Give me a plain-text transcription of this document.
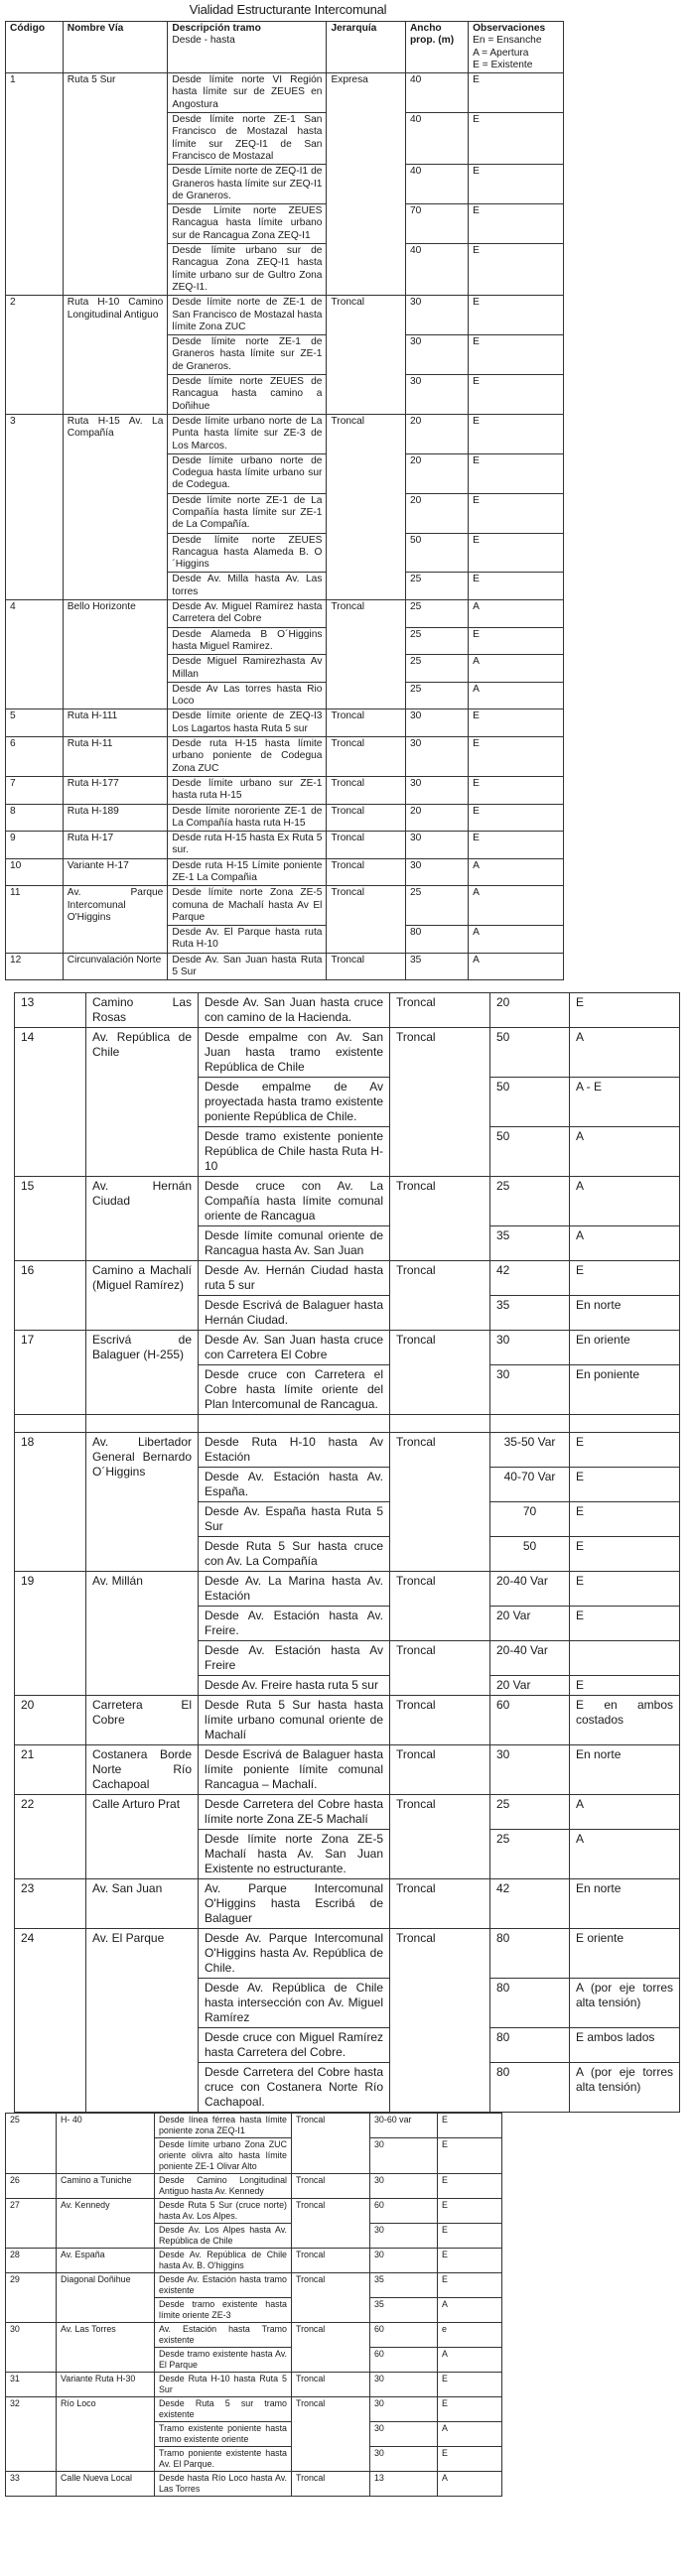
Vialidad Estructurante Intercomunal
Código	Nombre Vía	Descripción tramo
Desde - hasta	Jerarquía	Ancho prop. (m)	Observaciones
En = Ensanche
A = Apertura
E = Existente

1	Ruta 5 Sur	Desde límite norte VI Región hasta límite sur de ZEUES en Angostura	Expresa	40	E
		Desde límite norte ZE-1 San Francisco de Mostazal hasta límite sur ZEQ-I1 de San Francisco de Mostazal		40	E
		Desde Límite norte de ZEQ-I1 de Graneros hasta límite sur ZEQ-I1 de Graneros.		40	E
		Desde Límite norte ZEUES Rancagua hasta límite urbano sur de Rancagua Zona ZEQ-I1		70	E
		Desde límite urbano sur de Rancagua Zona ZEQ-I1 hasta límite urbano sur de Gultro Zona ZEQ-I1.		40	E
2	Ruta H-10 Camino Longitudinal Antiguo	Desde límite norte de ZE-1 de San Francisco de Mostazal hasta límite Zona ZUC	Troncal	30	E
		Desde límite norte ZE-1 de Graneros hasta límite sur ZE-1 de Graneros.		30	E
		Desde límite norte ZEUES de Rancagua hasta camino a Doñihue		30	E
3	Ruta H-15 Av. La Compañía	Desde límite urbano norte de La Punta hasta límite sur ZE-3 de Los Marcos.	Troncal	20	E
		Desde límite urbano norte de Codegua hasta límite urbano sur de Codegua.		20	E
		Desde límite norte ZE-1 de La Compañía hasta límite sur ZE-1 de La Compañía.		20	E
		Desde límite norte ZEUES Rancagua hasta Alameda B. O´Higgins		50	E
		Desde Av. Milla hasta Av. Las torres		25	E
4	Bello Horizonte	Desde Av. Miguel Ramírez hasta Carretera del Cobre	Troncal	25	A
		Desde Alameda B O´Higgins hasta Miguel Ramirez.		25	E
		Desde Miguel Ramirezhasta Av Millan		25	A
		Desde Av Las torres hasta Rio Loco		25	A
5	Ruta H-111	Desde límite oriente de ZEQ-I3 Los Lagartos hasta Ruta 5 sur	Troncal	30	E
6	Ruta H-11	Desde ruta H-15 hasta límite urbano poniente de Codegua Zona ZUC	Troncal	30	E
7	Ruta H-177	Desde límite urbano sur ZE-1 hasta ruta H-15	Troncal	30	E
8	Ruta H-189	Desde límite nororiente ZE-1 de La Compañía hasta ruta H-15	Troncal	20	E
9	Ruta H-17	Desde ruta H-15 hasta Ex Ruta 5 sur.	Troncal	30	E
10	Variante H-17	Desde ruta H-15 Límite poniente ZE-1 La Compañia	Troncal	30	A
11	Av. Parque Intercomunal O'Higgins	Desde límite norte Zona ZE-5 comuna de Machalí hasta Av El Parque	Troncal	25	A
		Desde Av. El Parque hasta ruta Ruta H-10		80	A
12	Circunvalación Norte	Desde Av. San Juan hasta Ruta 5 Sur	Troncal	35	A
13	Camino Las Rosas	Desde Av. San Juan hasta cruce con camino de la Hacienda.	Troncal	20	E
14	Av. República de Chile	Desde empalme con Av. San Juan hasta tramo existente República de Chile	Troncal	50	A
		Desde empalme de Av proyectada hasta tramo existente poniente República de Chile.		50	A - E
		Desde tramo existente poniente República de Chile hasta Ruta H-10		50	A
15	Av. Hernán Ciudad	Desde cruce con Av. La Compañía hasta límite comunal oriente de Rancagua	Troncal	25	A
		Desde límite comunal oriente de Rancagua hasta Av. San Juan		35	A
16	Camino a Machalí (Miguel Ramírez)	Desde Av. Hernán Ciudad hasta ruta 5 sur	Troncal	42	E
		Desde Escrivá de Balaguer hasta Hernán Ciudad.		35	En norte
17	Escrivá de Balaguer (H-255)	Desde Av. San Juan hasta cruce con Carretera El Cobre	Troncal	30	En oriente
		Desde cruce con Carretera el Cobre hasta límite oriente del Plan Intercomunal de Rancagua.		30	En poniente

18	Av. Libertador General Bernardo O´Higgins	Desde Ruta H-10 hasta Av Estación	Troncal	35-50 Var	E
		Desde Av. Estación hasta Av. España.		40-70 Var	E
		Desde Av. España hasta Ruta 5 Sur		70	E
		Desde Ruta 5 Sur hasta cruce con Av. La Compañía		50	E
19	Av. Millán	Desde Av. La Marina hasta Av. Estación	Troncal	20-40 Var	E
		Desde Av. Estación hasta Av. Freire.		20 Var	E
		Desde Av. Estación hasta Av Freire	Troncal	20-40 Var	
		Desde Av. Freire hasta ruta 5 sur		20 Var	E
20	Carretera El Cobre	Desde Ruta 5 Sur hasta hasta límite urbano comunal oriente de Machalí	Troncal	60	E en ambos costados
21	Costanera Borde Norte Río Cachapoal	Desde Escrivá de Balaguer hasta límite poniente límite comunal Rancagua – Machalí.	Troncal	30	En norte
22	Calle Arturo Prat	Desde Carretera del Cobre hasta límite norte Zona ZE-5 Machalí	Troncal	25	A
		Desde límite norte Zona ZE-5 Machalí hasta Av. San Juan Existente no estructurante.		25	A
23	Av. San Juan	Av. Parque Intercomunal O'Higgins hasta Escribá de Balaguer	Troncal	42	En norte
24	Av. El Parque	Desde Av. Parque Intercomunal O'Higgins hasta Av. República de Chile.	Troncal	80	E oriente
		Desde Av. República de Chile hasta intersección con Av. Miguel Ramírez		80	A (por eje torres alta tensión)
		Desde cruce con Miguel Ramírez hasta Carretera del Cobre.		80	E ambos lados
		Desde Carretera del Cobre hasta cruce con Costanera Norte Río Cachapoal.		80	A (por eje torres alta tensión)
25	H- 40	Desde línea férrea hasta límite poniente zona ZEQ-I1	Troncal	30-60 var	E
		Desde límite urbano Zona ZUC oriente olivra alto hasta límite poniente ZE-1 Olivar Alto		30	E
26	Camino a Tuniche	Desde Camino Longitudinal Antiguo hasta Av. Kennedy	Troncal	30	E
27	Av. Kennedy	Desde Ruta 5 Sur (cruce norte) hasta Av. Los Alpes.	Troncal	60	E
		Desde Av. Los Alpes hasta Av. República de Chile		30	E
28	Av. España	Desde Av. República de Chile hasta Av. B. O'higgins	Troncal	30	E
29	Diagonal Doñihue	Desde Av. Estación hasta tramo existente	Troncal	35	E
		Desde tramo existente hasta límite oriente ZE-3		35	A
30	Av. Las Torres	Av. Estación hasta Tramo existente	Troncal	60	e
		Desde tramo existente hasta Av. El Parque		60	A
31	Variante Ruta H-30	Desde Ruta H-10 hasta Ruta 5 Sur	Troncal	30	E
32	Río Loco	Desde Ruta 5 sur tramo existente	Troncal	30	E
		Tramo existente poniente hasta tramo existente oriente		30	A
		Tramo poniente existente hasta Av. El Parque.		30	E
33	Calle Nueva Local	Desde hasta Río Loco hasta Av. Las Torres	Troncal	13	A
